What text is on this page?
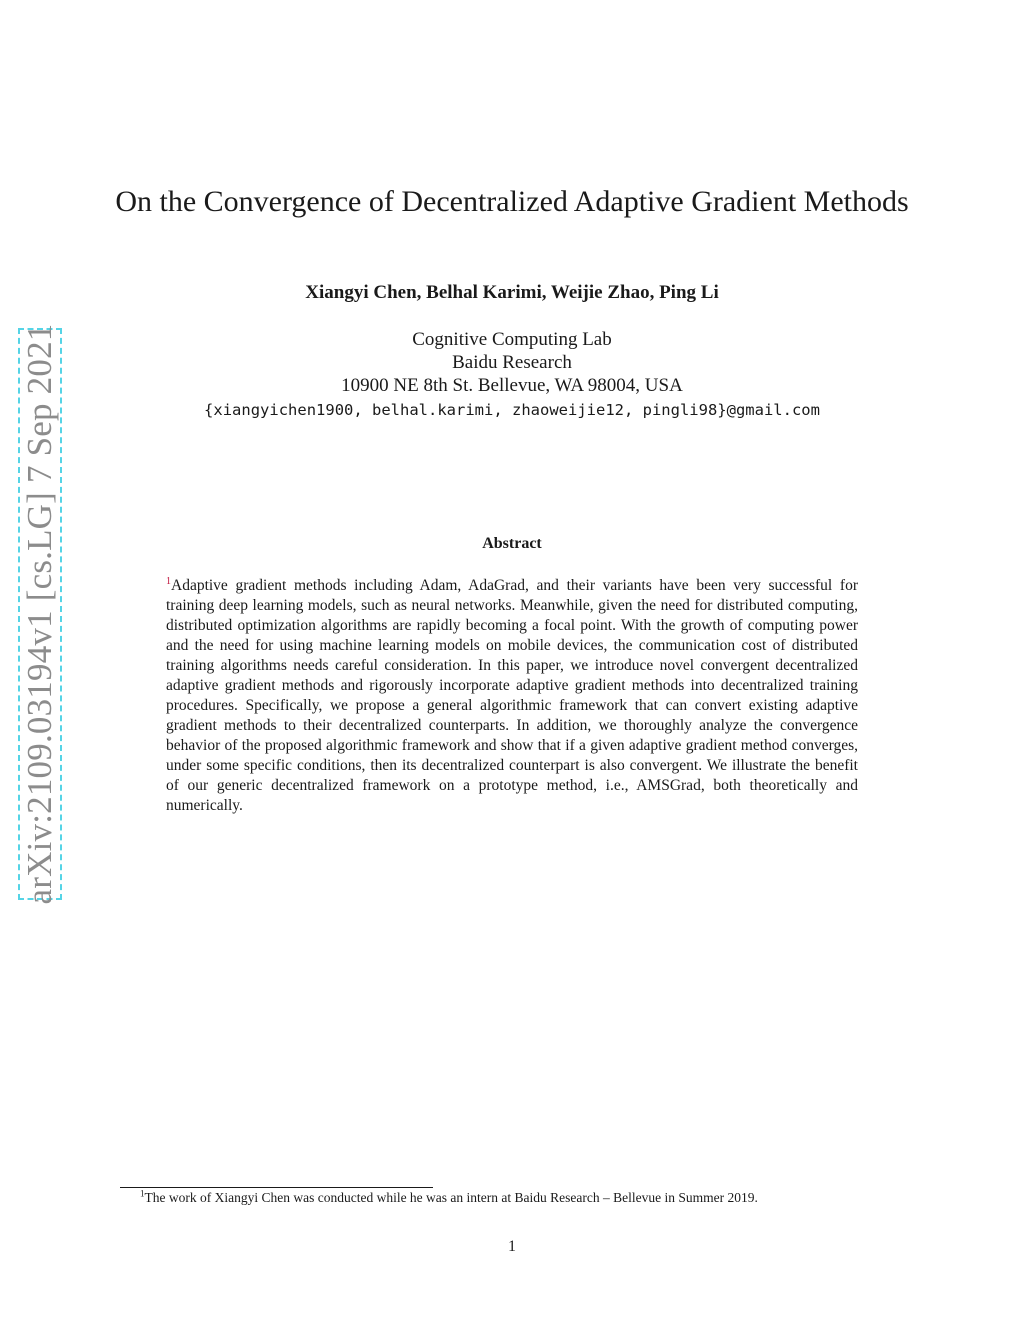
arXiv:2109.03194v1 [cs.LG] 7 Sep 2021
On the Convergence of Decentralized Adaptive Gradient Methods
Xiangyi Chen, Belhal Karimi, Weijie Zhao, Ping Li
Cognitive Computing Lab
Baidu Research
10900 NE 8th St. Bellevue, WA 98004, USA
{xiangyichen1900, belhal.karimi, zhaoweijie12, pingli98}@gmail.com
Abstract

$^1$Adaptive gradient methods including Adam, AdaGrad, and their variants have been very successful for training deep learning models, such as neural networks. Meanwhile, given the need for distributed computing, distributed optimization algorithms are rapidly becoming a focal point. With the growth of computing power and the need for using machine learning models on mobile devices, the communication cost of distributed training algorithms needs careful consideration. In this paper, we introduce novel convergent decentralized adaptive gradient methods and rigorously incorporate adaptive gradient methods into decentralized training procedures. Specifically, we propose a general algorithmic framework that can convert existing adaptive gradient methods to their decentralized counterparts. In addition, we thoroughly analyze the convergence behavior of the proposed algorithmic framework and show that if a given adaptive gradient method converges, under some specific conditions, then its decentralized counterpart is also convergent. We illustrate the benefit of our generic decentralized framework on a prototype method, i.e., AMSGrad, both theoretically and numerically.

$^1$The work of Xiangyi Chen was conducted while he was an intern at Baidu Research – Bellevue in Summer 2019.
1
